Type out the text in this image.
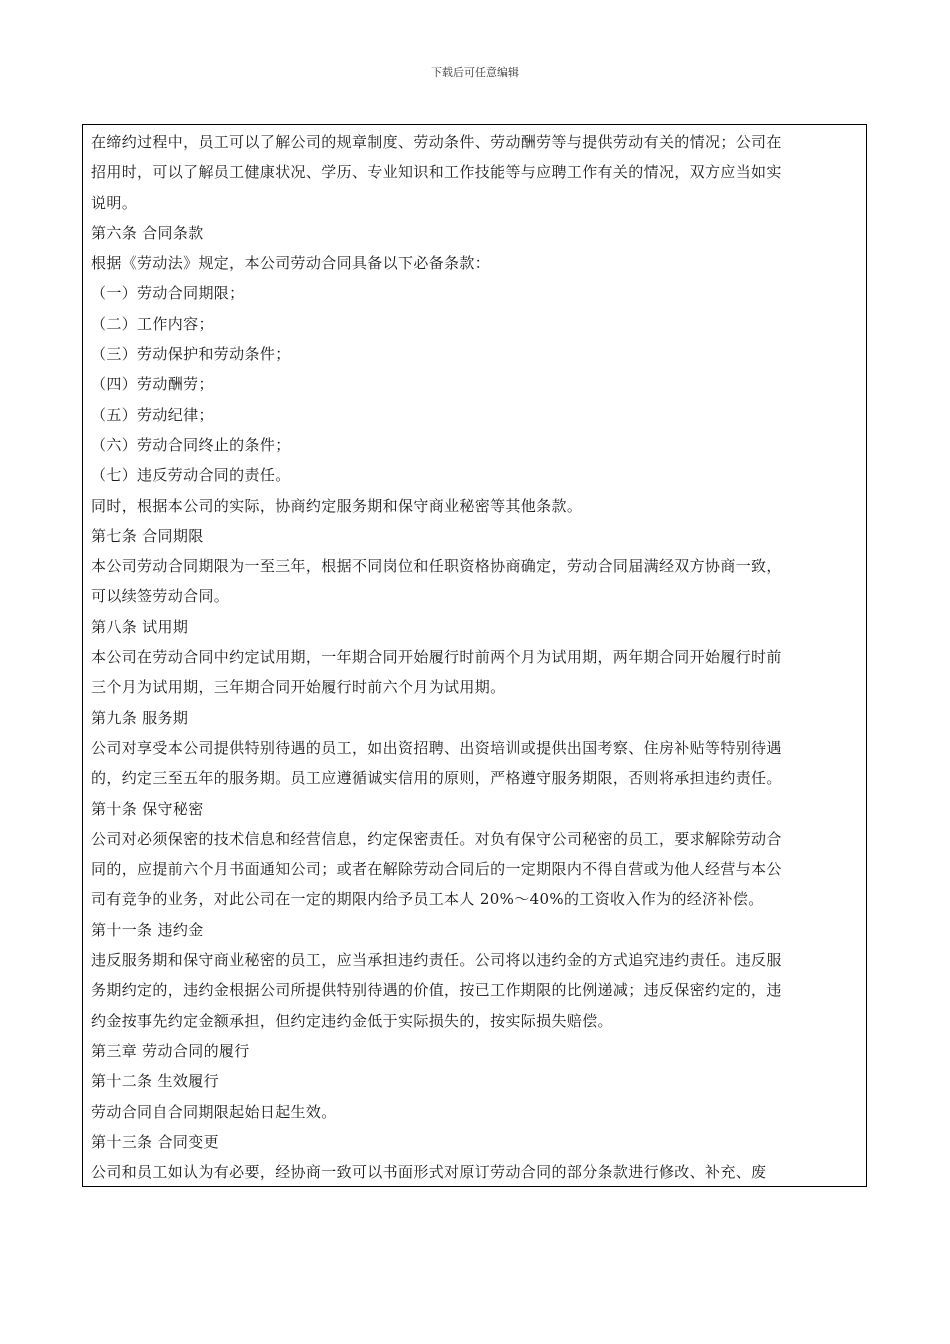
下载后可任意编辑
在缔约过程中，员工可以了解公司的规章制度、劳动条件、劳动酬劳等与提供劳动有关的情况；公司在
招用时，可以了解员工健康状况、学历、专业知识和工作技能等与应聘工作有关的情况，双方应当如实
说明。
第六条 合同条款
根据《劳动法》规定，本公司劳动合同具备以下必备条款：
（一）劳动合同期限；
（二）工作内容；
（三）劳动保护和劳动条件；
（四）劳动酬劳；
（五）劳动纪律；
（六）劳动合同终止的条件；
（七）违反劳动合同的责任。
同时，根据本公司的实际，协商约定服务期和保守商业秘密等其他条款。
第七条 合同期限
本公司劳动合同期限为一至三年，根据不同岗位和任职资格协商确定，劳动合同届满经双方协商一致，
可以续签劳动合同。
第八条 试用期
本公司在劳动合同中约定试用期，一年期合同开始履行时前两个月为试用期，两年期合同开始履行时前
三个月为试用期，三年期合同开始履行时前六个月为试用期。
第九条 服务期
公司对享受本公司提供特别待遇的员工，如出资招聘、出资培训或提供出国考察、住房补贴等特别待遇
的，约定三至五年的服务期。员工应遵循诚实信用的原则，严格遵守服务期限，否则将承担违约责任。
第十条 保守秘密
公司对必须保密的技术信息和经营信息，约定保密责任。对负有保守公司秘密的员工，要求解除劳动合
同的，应提前六个月书面通知公司；或者在解除劳动合同后的一定期限内不得自营或为他人经营与本公
司有竞争的业务，对此公司在一定的期限内给予员工本人 20%～40%的工资收入作为的经济补偿。
第十一条 违约金
违反服务期和保守商业秘密的员工，应当承担违约责任。公司将以违约金的方式追究违约责任。违反服
务期约定的，违约金根据公司所提供特别待遇的价值，按已工作期限的比例递减；违反保密约定的，违
约金按事先约定金额承担，但约定违约金低于实际损失的，按实际损失赔偿。
第三章 劳动合同的履行
第十二条 生效履行
劳动合同自合同期限起始日起生效。
第十三条 合同变更
公司和员工如认为有必要，经协商一致可以书面形式对原订劳动合同的部分条款进行修改、补充、废
